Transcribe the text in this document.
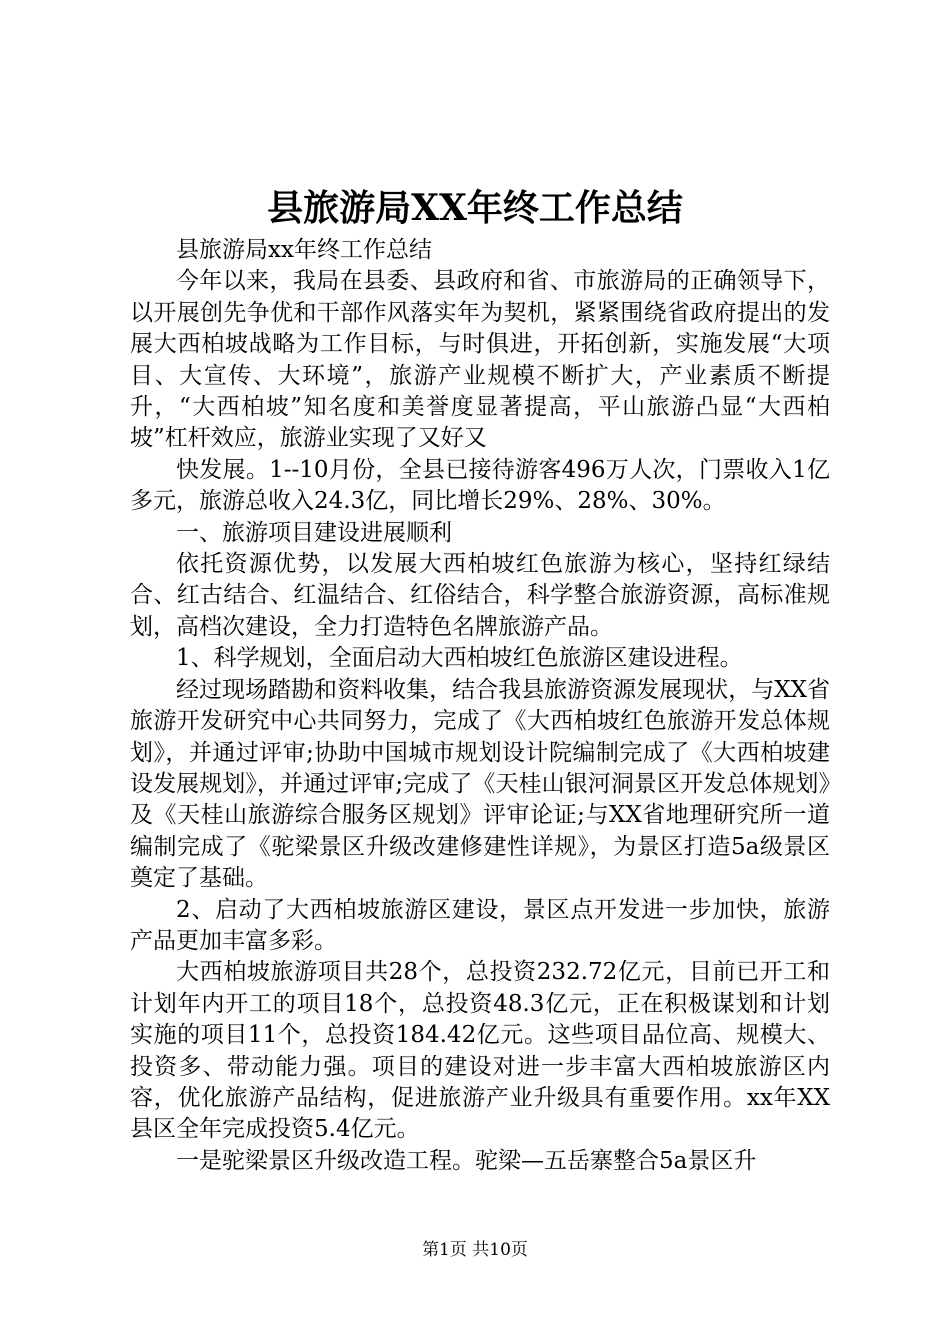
县旅游局XX年终工作总结

县旅游局xx年终工作总结

今年以来，我局在县委、县政府和省、市旅游局的正确领导下，以开展创先争优和干部作风落实年为契机，紧紧围绕省政府提出的发展大西柏坡战略为工作目标，与时俱进，开拓创新，实施发展“大项目、大宣传、大环境”，旅游产业规模不断扩大，产业素质不断提升，“大西柏坡”知名度和美誉度显著提高，平山旅游凸显“大西柏坡”杠杆效应，旅游业实现了又好又

快发展。1--10月份，全县已接待游客496万人次，门票收入1亿多元，旅游总收入24.3亿，同比增长29%、28%、30%。

一、旅游项目建设进展顺利

依托资源优势，以发展大西柏坡红色旅游为核心，坚持红绿结合、红古结合、红温结合、红俗结合，科学整合旅游资源，高标准规划，高档次建设，全力打造特色名牌旅游产品。

1、科学规划，全面启动大西柏坡红色旅游区建设进程。

经过现场踏勘和资料收集，结合我县旅游资源发展现状，与XX省旅游开发研究中心共同努力，完成了《大西柏坡红色旅游开发总体规划》，并通过评审;协助中国城市规划设计院编制完成了《大西柏坡建设发展规划》，并通过评审;完成了《天桂山银河洞景区开发总体规划》及《天桂山旅游综合服务区规划》评审论证;与XX省地理研究所一道编制完成了《驼梁景区升级改建修建性详规》，为景区打造5a级景区奠定了基础。

2、启动了大西柏坡旅游区建设，景区点开发进一步加快，旅游产品更加丰富多彩。

大西柏坡旅游项目共28个，总投资232.72亿元，目前已开工和计划年内开工的项目18个，总投资48.3亿元，正在积极谋划和计划实施的项目11个，总投资184.42亿元。这些项目品位高、规模大、投资多、带动能力强。项目的建设对进一步丰富大西柏坡旅游区内容，优化旅游产品结构，促进旅游产业升级具有重要作用。xx年XX县区全年完成投资5.4亿元。

一是驼梁景区升级改造工程。驼梁—五岳寨整合5a景区升

第1页 共10页
